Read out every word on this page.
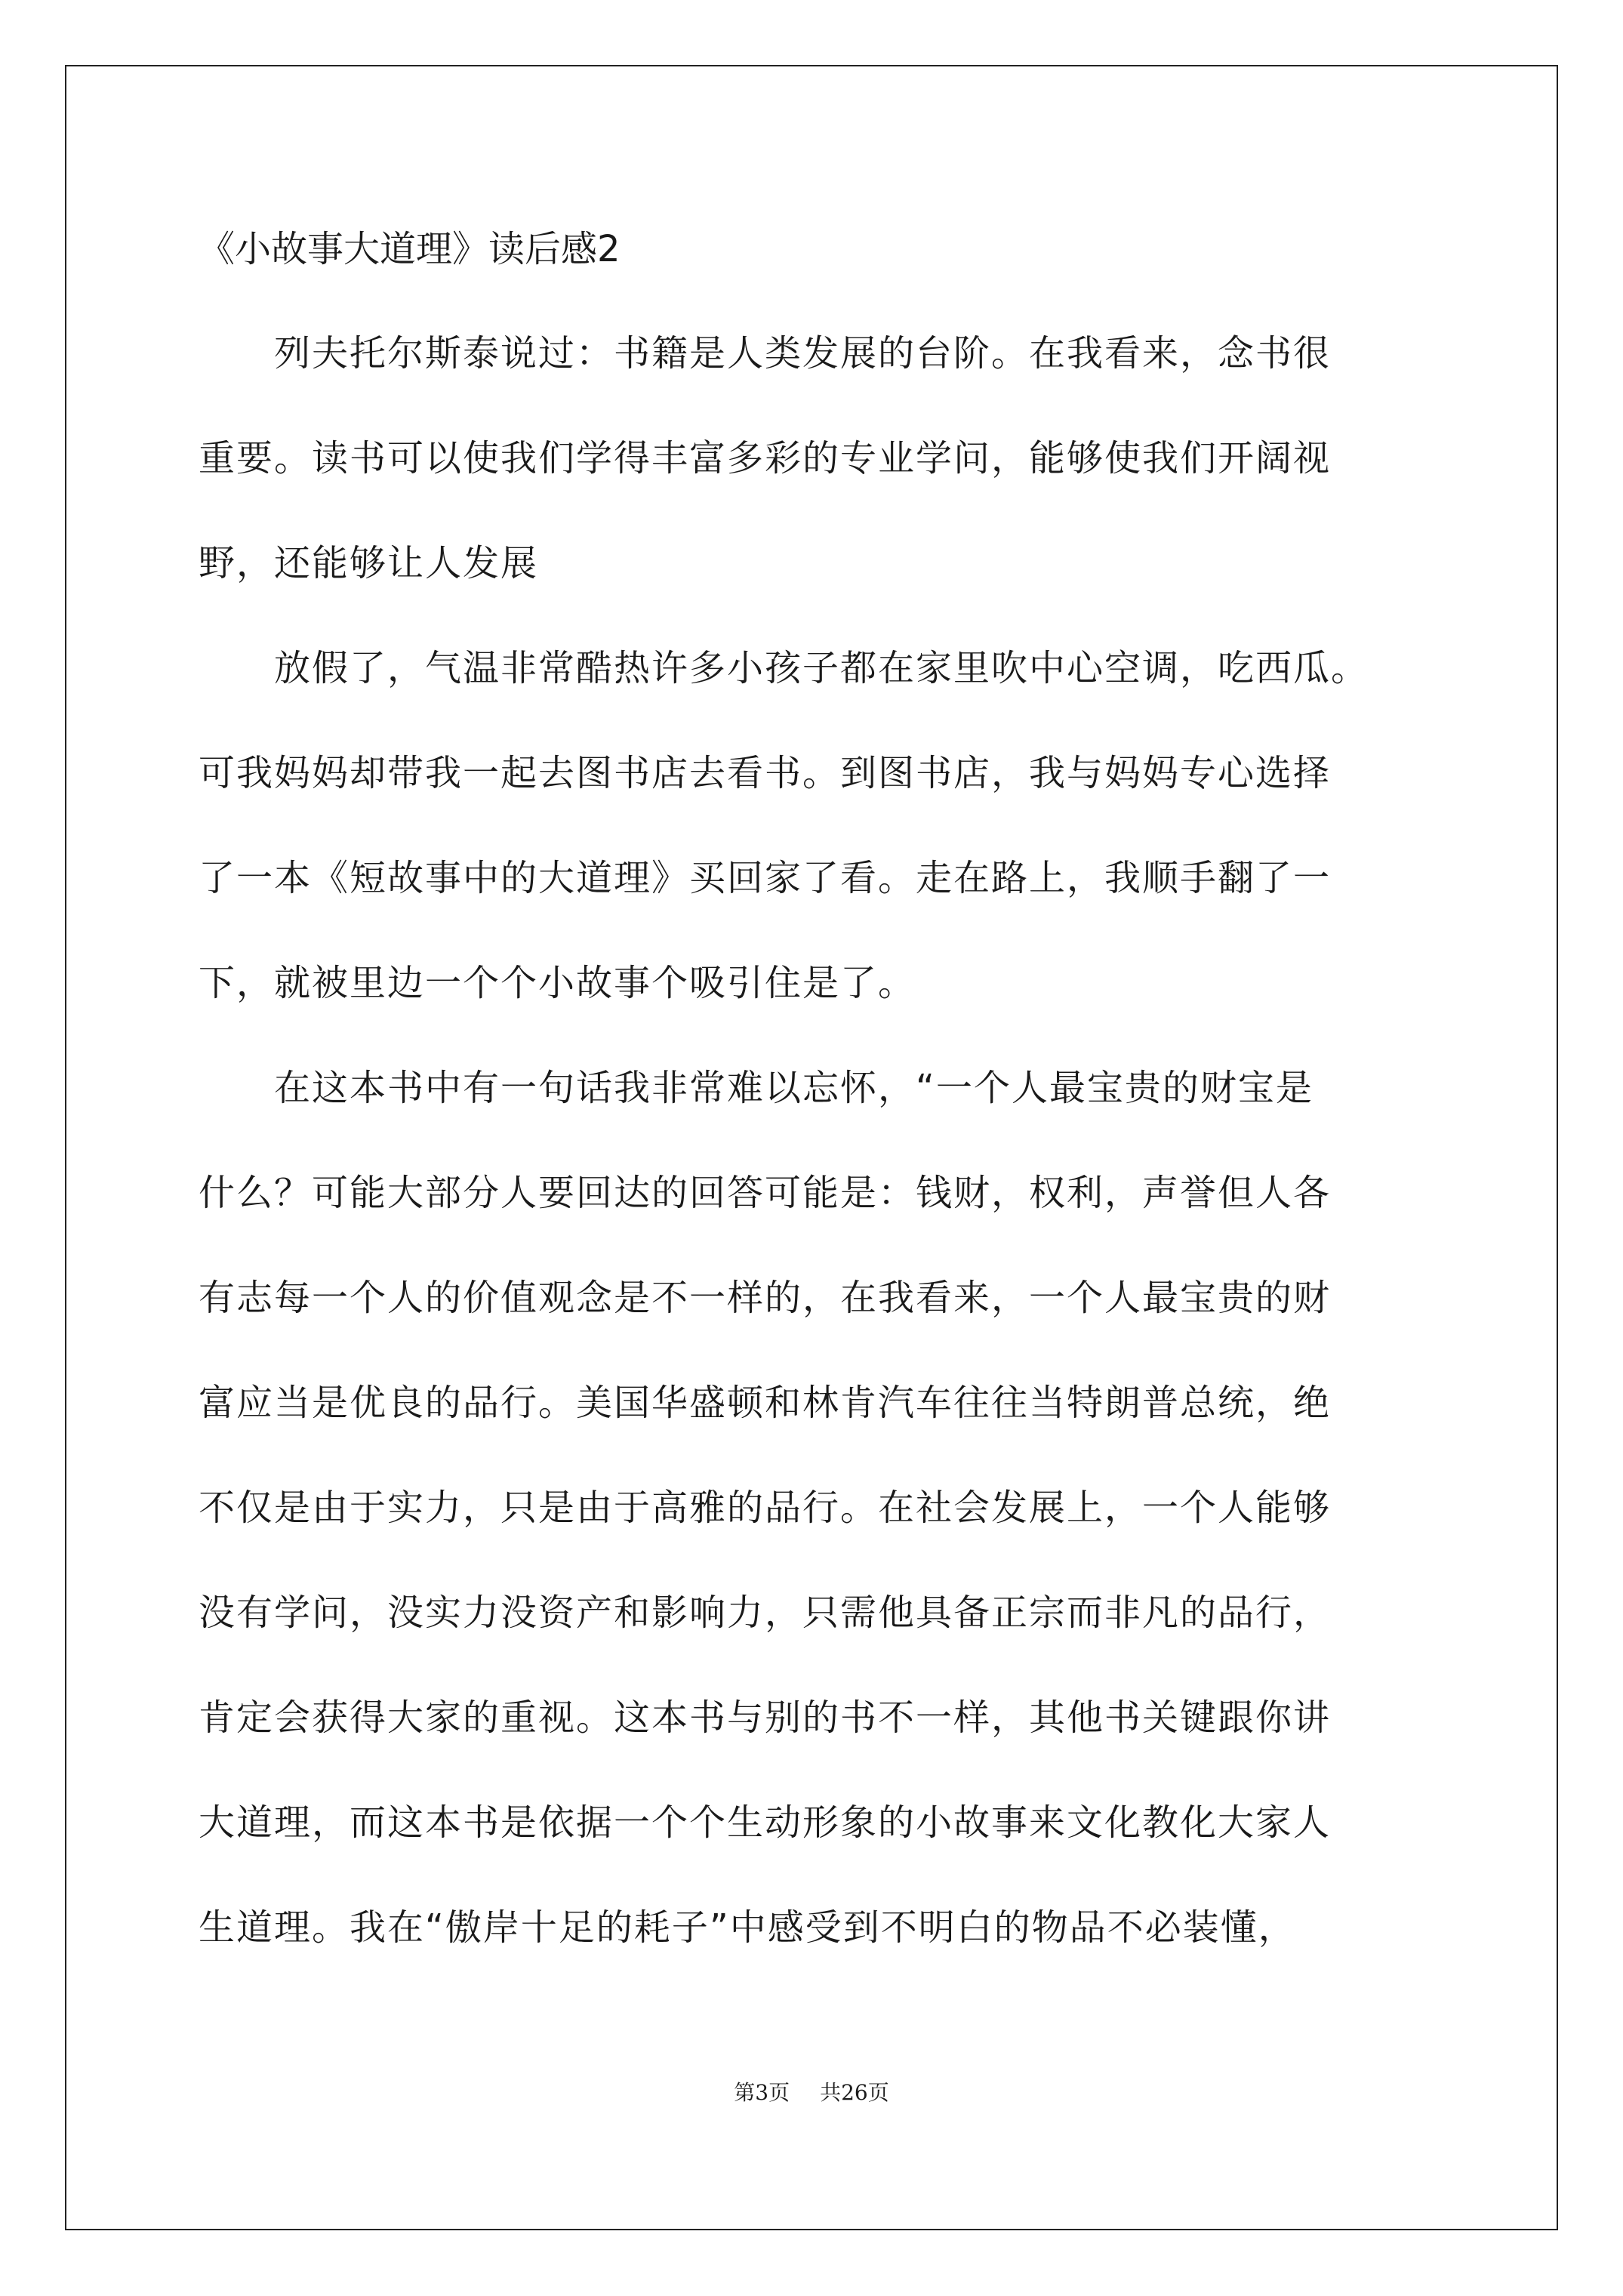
《小故事大道理》读后感2
列夫托尔斯泰说过：书籍是人类发展的台阶。在我看来，念书很
重要。读书可以使我们学得丰富多彩的专业学问，能够使我们开阔视
野，还能够让人发展
放假了，气温非常酷热许多小孩子都在家里吹中心空调，吃西瓜。
可我妈妈却带我一起去图书店去看书。到图书店，我与妈妈专心选择
了一本《短故事中的大道理》买回家了看。走在路上，我顺手翻了一
下，就被里边一个个小故事个吸引住是了。
在这本书中有一句话我非常难以忘怀，“一个人最宝贵的财宝是
什么？可能大部分人要回达的回答可能是：钱财，权利，声誉但人各
有志每一个人的价值观念是不一样的，在我看来，一个人最宝贵的财
富应当是优良的品行。美国华盛顿和林肯汽车往往当特朗普总统，绝
不仅是由于实力，只是由于高雅的品行。在社会发展上，一个人能够
没有学问，没实力没资产和影响力，只需他具备正宗而非凡的品行，
肯定会获得大家的重视。这本书与别的书不一样，其他书关键跟你讲
大道理，而这本书是依据一个个生动形象的小故事来文化教化大家人
生道理。我在“傲岸十足的耗子”中感受到不明白的物品不必装懂，
第3页 共26页
